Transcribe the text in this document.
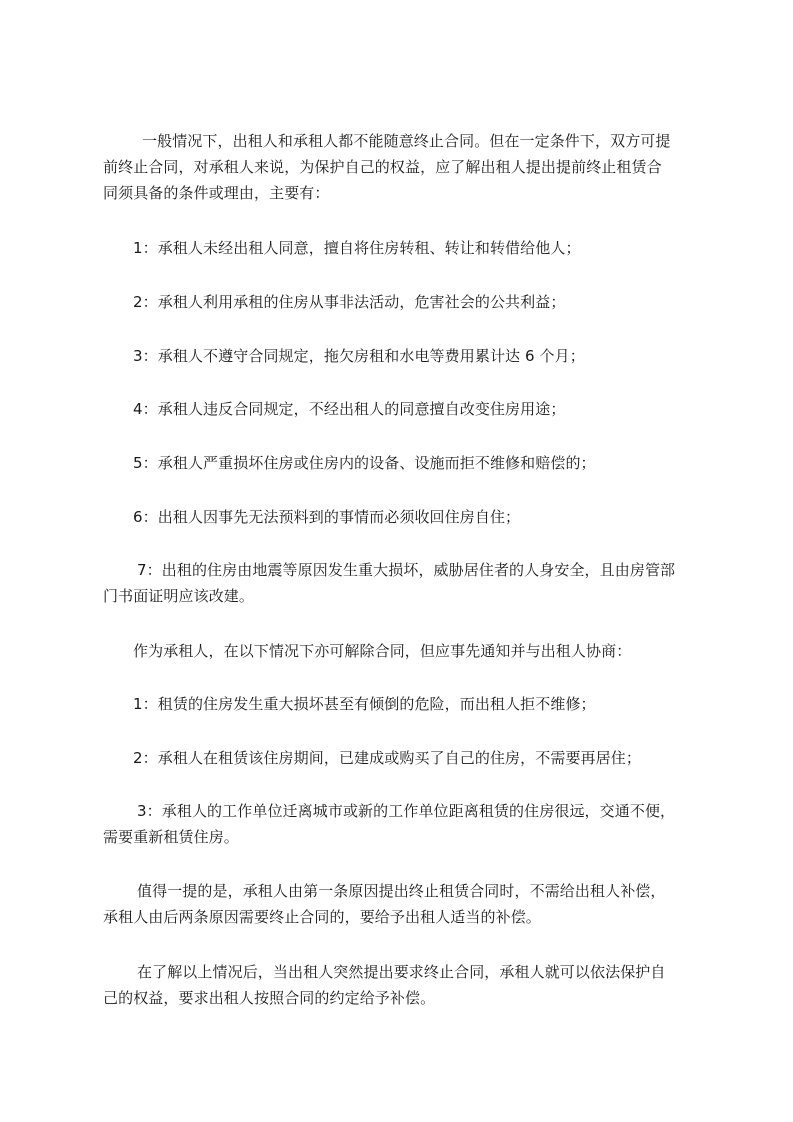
一般情况下，出租人和承租人都不能随意终止合同。但在一定条件下，双方可提

前终止合同，对承租人来说，为保护自己的权益，应了解出租人提出提前终止租赁合

同须具备的条件或理由，主要有：

1：承租人未经出租人同意，擅自将住房转租、转让和转借给他人；

2：承租人利用承租的住房从事非法活动，危害社会的公共利益；

3：承租人不遵守合同规定，拖欠房租和水电等费用累计达 6 个月；

4：承租人违反合同规定，不经出租人的同意擅自改变住房用途；

5：承租人严重损坏住房或住房内的设备、设施而拒不维修和赔偿的；

6：出租人因事先无法预料到的事情而必须收回住房自住；

7：出租的住房由地震等原因发生重大损坏，威胁居住者的人身安全，且由房管部

门书面证明应该改建。

作为承租人，在以下情况下亦可解除合同，但应事先通知并与出租人协商：

1：租赁的住房发生重大损坏甚至有倾倒的危险，而出租人拒不维修；

2：承租人在租赁该住房期间，已建成或购买了自己的住房，不需要再居住；

3：承租人的工作单位迁离城市或新的工作单位距离租赁的住房很远，交通不便，

需要重新租赁住房。

值得一提的是，承租人由第一条原因提出终止租赁合同时，不需给出租人补偿，

承租人由后两条原因需要终止合同的，要给予出租人适当的补偿。

在了解以上情况后，当出租人突然提出要求终止合同，承租人就可以依法保护自

己的权益，要求出租人按照合同的约定给予补偿。
